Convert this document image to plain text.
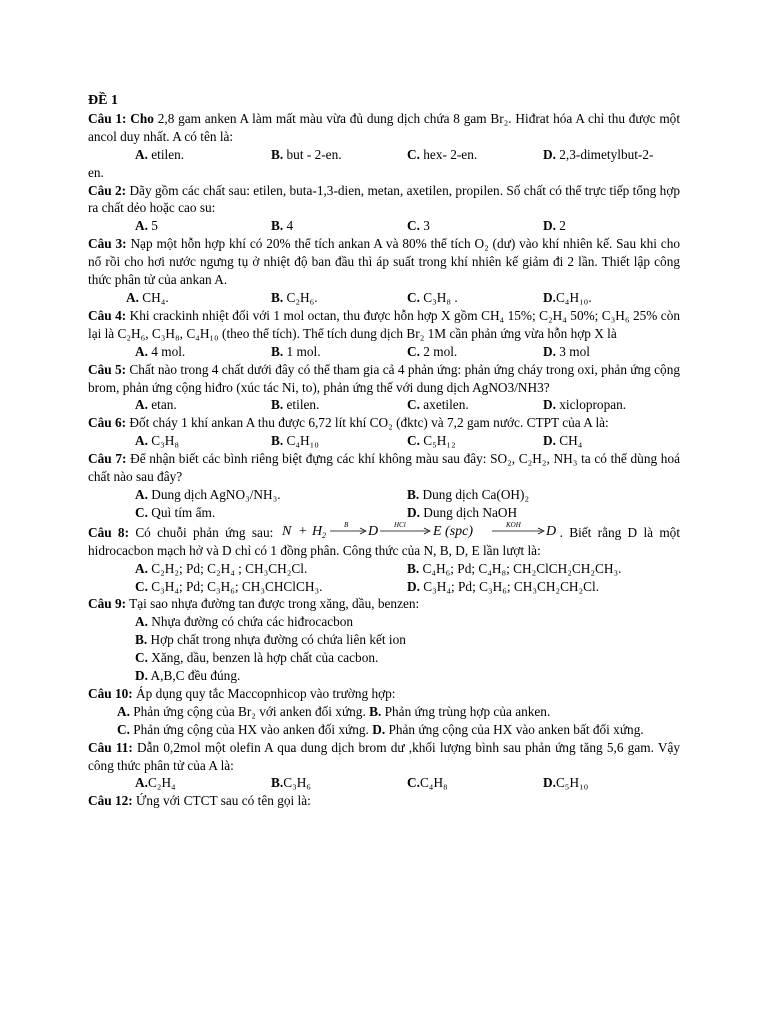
ĐỀ 1
Câu 1: Cho 2,8 gam anken A làm mất màu vừa đủ dung dịch chứa 8 gam Br₂. Hiđrat hóa A chỉ thu được một ancol duy nhất. A có tên là:
A. etilen.	B. but - 2-en.	C. hex- 2-en.	D. 2,3-dimetylbut-2-
en.
Câu 2: Dãy gồm các chất sau: etilen, buta-1,3-dien, metan, axetilen, propilen. Số chất có thể trực tiếp tổng hợp ra chất dẻo hoặc cao su:
A. 5	B. 4	C. 3	D. 2
Câu 3: Nạp một hỗn hợp khí có 20% thể tích ankan A và 80% thể tích O₂ (dư) vào khí nhiên kế. Sau khi cho nổ rồi cho hơi nước ngưng tụ ở nhiệt độ ban đầu thì áp suất trong khí nhiên kế giảm đi 2 lần. Thiết lập công thức phân tử của ankan A.
A. CH₄.	B. C₂H₆.	C. C₃H₈ .	D.C₄H₁₀.
Câu 4: Khi crackinh nhiệt đối với 1 mol octan, thu được hỗn hợp X gồm CH₄ 15%; C₂H₄ 50%; C₃H₆ 25% còn lại là C₂H₆, C₃H₈, C₄H₁₀ (theo thể tích). Thể tích dung dịch Br₂ 1M cần phản ứng vừa hỗn hợp X là
A. 4 mol.	B. 1 mol.	C. 2 mol.	D. 3 mol
Câu 5: Chất nào trong 4 chất dưới đây có thể tham gia cả 4 phản ứng: phản ứng cháy trong oxi, phản ứng cộng brom, phản ứng cộng hiđro (xúc tác Ni, to), phản ứng thế với dung dịch AgNO3/NH3?
A. etan.	B. etilen.	C. axetilen.	D. xiclopropan.
Câu 6: Đốt cháy 1 khí ankan A thu được 6,72 lít khí CO₂ (đktc) và 7,2 gam nước. CTPT của A là:
A. C₃H₈	B. C₄H₁₀	C. C₅H₁₂	D. CH₄
Câu 7: Để nhận biết các bình riêng biệt đựng các khí không màu sau đây: SO₂, C₂H₂, NH₃ ta có thể dùng hoá chất nào sau đây?
A. Dung dịch AgNO₃/NH₃.	B. Dung dịch Ca(OH)₂
C. Quì tím ẩm.	D. Dung dịch NaOH
Câu 8: Có chuỗi phản ứng sau: N + H 2
B D HCl E (spc)	KOH D . Biết rằng D là một hidrocacbon mạch hở và D chỉ có 1 đồng phân. Công thức của N, B, D, E lần lượt là:
A. C₂H₂; Pd; C₂H₄ ; CH₃CH₂Cl.	B. C₄H₆; Pd; C₄H₈; CH₂ClCH₂CH₂CH₃.
C. C₃H₄; Pd; C₃H₆; CH₃CHClCH₃.	D. C₃H₄; Pd; C₃H₆; CH₃CH₂CH₂Cl.
Câu 9: Tại sao nhựa đường tan được trong xăng, dầu, benzen:
A. Nhựa đường có chứa các hiđrocacbon
B. Hợp chất trong nhựa đường có chứa liên kết ion
C. Xăng, dầu, benzen là hợp chất của cacbon.
D. A,B,C đều đúng.
Câu 10: Áp dụng quy tắc Maccopnhicop vào trường hợp:
A. Phản ứng cộng của Br₂ với anken đối xứng. B. Phản ứng trùng hợp của anken.
C. Phản ứng cộng của HX vào anken đối xứng. D. Phản ứng cộng của HX vào anken bất đối xứng.
Câu 11: Dẫn 0,2mol một olefin A qua dung dịch brom dư ,khối lượng bình sau phản ứng tăng 5,6 gam. Vậy công thức phân tử của A là:
A.C₂H₄	B.C₃H₆	C.C₄H₈	D.C₅H₁₀
Câu 12: Ứng với CTCT sau có tên gọi là:
